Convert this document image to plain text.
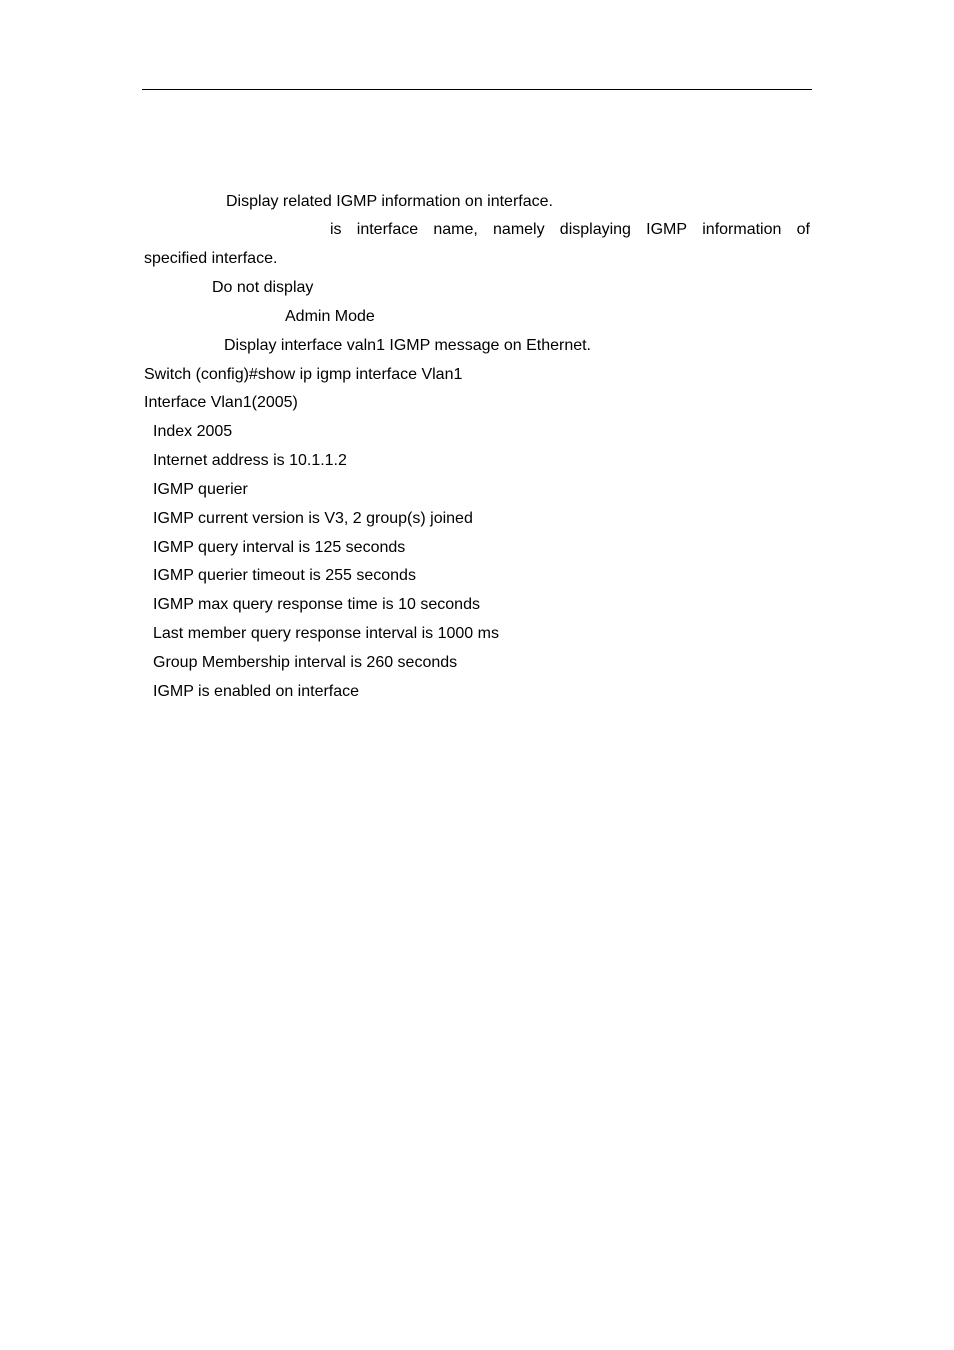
Display related IGMP information on interface.
is interface name, namely displaying IGMP information of
specified interface.
Do not display
Admin Mode
Display interface valn1 IGMP message on Ethernet.
Switch (config)#show ip igmp interface Vlan1
Interface Vlan1(2005)
Index 2005
Internet address is 10.1.1.2
IGMP querier
IGMP current version is V3, 2 group(s) joined
IGMP query interval is 125 seconds
IGMP querier timeout is 255 seconds
IGMP max query response time is 10 seconds
Last member query response interval is 1000 ms
Group Membership interval is 260 seconds
IGMP is enabled on interface
